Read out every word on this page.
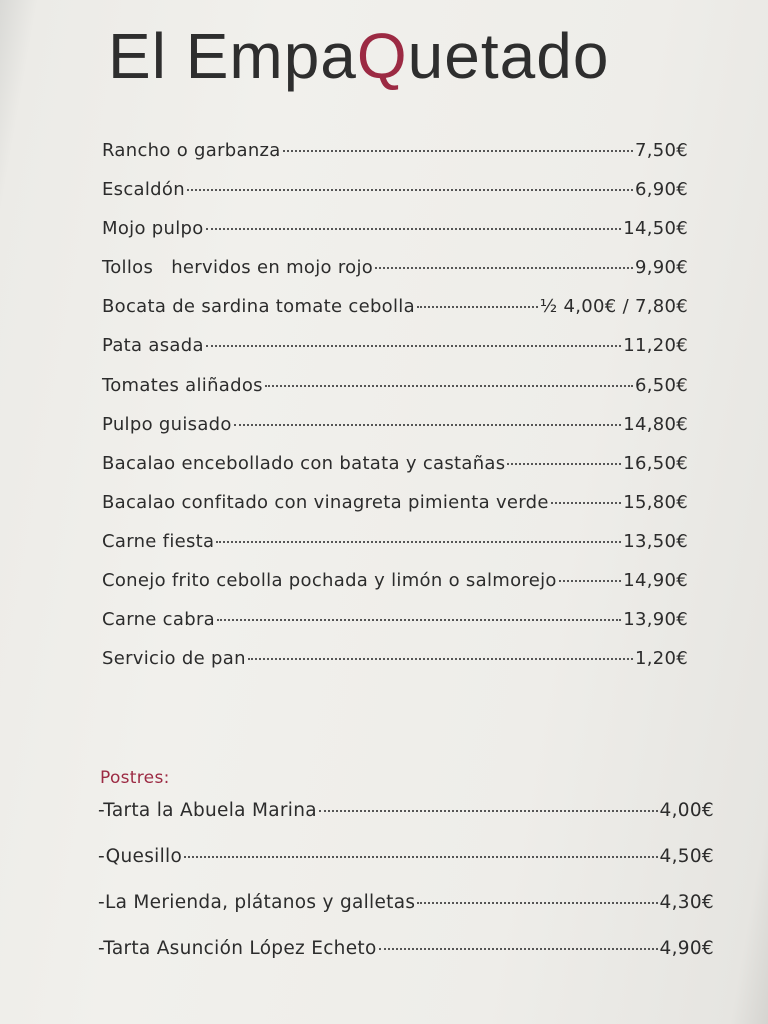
El EmpaQuetado
Rancho o garbanza	7,50€
Escaldón	6,90€
Mojo pulpo	14,50€
Tollos   hervidos en mojo rojo	9,90€
Bocata de sardina tomate cebolla	½ 4,00€ / 7,80€
Pata asada	11,20€
Tomates aliñados	6,50€
Pulpo guisado	14,80€
Bacalao encebollado con batata y castañas	16,50€
Bacalao confitado con vinagreta pimienta verde	15,80€
Carne fiesta	13,50€
Conejo frito cebolla pochada y limón o salmorejo	14,90€
Carne cabra	13,90€
Servicio de pan	1,20€
Postres:
-Tarta la Abuela Marina	4,00€
-Quesillo	4,50€
-La Merienda, plátanos y galletas	4,30€
-Tarta Asunción López Echeto	4,90€
